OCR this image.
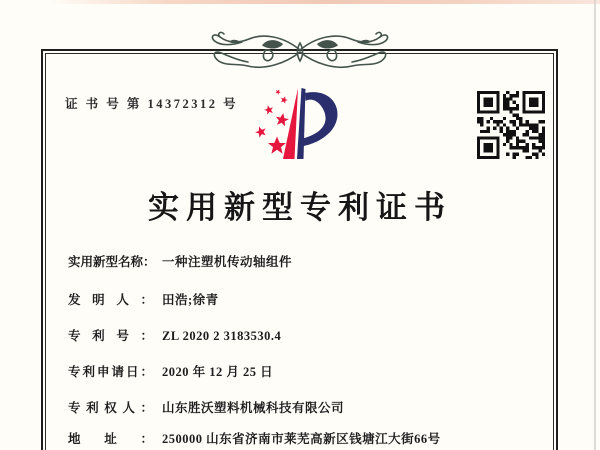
证 书 号 第 14372312 号
实用新型专利证书
实用新型名称： 一种注塑机传动轴组件
发明人： 田浩;徐青
专利号： ZL 2020 2 3183530.4
专利申请日： 2020 年 12 月 25 日
专利权人： 山东胜沃塑料机械科技有限公司
地址： 250000 山东省济南市莱芜高新区钱塘江大街66号
